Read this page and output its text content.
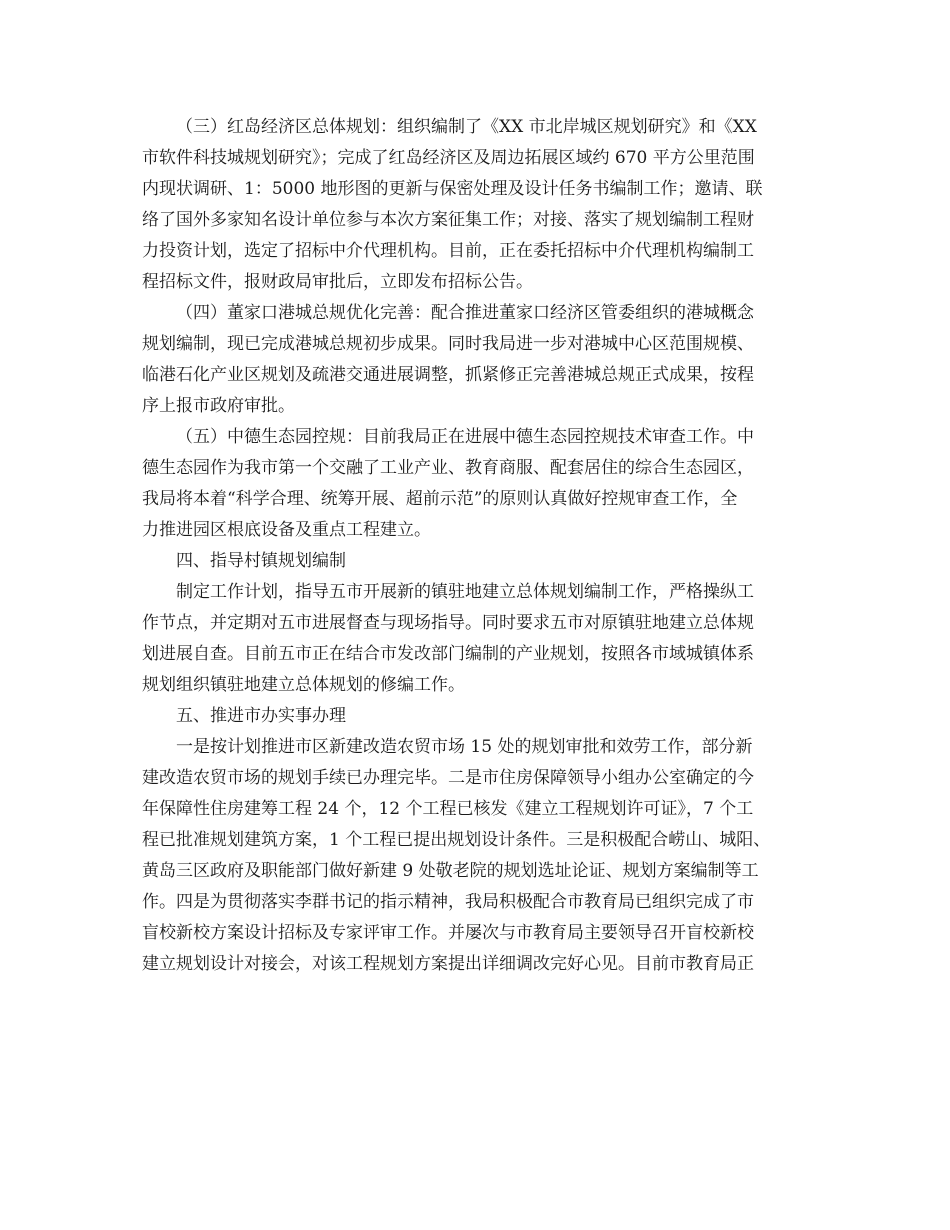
（三）红岛经济区总体规划：组织编制了《XX 市北岸城区规划研究》和《XX
市软件科技城规划研究》；完成了红岛经济区及周边拓展区域约 670 平方公里范围
内现状调研、1：5000 地形图的更新与保密处理及设计任务书编制工作；邀请、联
络了国外多家知名设计单位参与本次方案征集工作；对接、落实了规划编制工程财
力投资计划，选定了招标中介代理机构。目前，正在委托招标中介代理机构编制工
程招标文件，报财政局审批后，立即发布招标公告。
（四）董家口港城总规优化完善：配合推进董家口经济区管委组织的港城概念
规划编制，现已完成港城总规初步成果。同时我局进一步对港城中心区范围规模、
临港石化产业区规划及疏港交通进展调整，抓紧修正完善港城总规正式成果，按程
序上报市政府审批。
（五）中德生态园控规：目前我局正在进展中德生态园控规技术审查工作。中
德生态园作为我市第一个交融了工业产业、教育商服、配套居住的综合生态园区，
我局将本着“科学合理、统筹开展、超前示范”的原则认真做好控规审查工作，全
力推进园区根底设备及重点工程建立。
四、指导村镇规划编制
制定工作计划，指导五市开展新的镇驻地建立总体规划编制工作，严格操纵工
作节点，并定期对五市进展督查与现场指导。同时要求五市对原镇驻地建立总体规
划进展自查。目前五市正在结合市发改部门编制的产业规划，按照各市域城镇体系
规划组织镇驻地建立总体规划的修编工作。
五、推进市办实事办理
一是按计划推进市区新建改造农贸市场 15 处的规划审批和效劳工作，部分新
建改造农贸市场的规划手续已办理完毕。二是市住房保障领导小组办公室确定的今
年保障性住房建筹工程 24 个，12 个工程已核发《建立工程规划许可证》，7 个工
程已批准规划建筑方案，1 个工程已提出规划设计条件。三是积极配合崂山、城阳、
黄岛三区政府及职能部门做好新建 9 处敬老院的规划选址论证、规划方案编制等工
作。四是为贯彻落实李群书记的指示精神，我局积极配合市教育局已组织完成了市
盲校新校方案设计招标及专家评审工作。并屡次与市教育局主要领导召开盲校新校
建立规划设计对接会，对该工程规划方案提出详细调改完好心见。目前市教育局正
